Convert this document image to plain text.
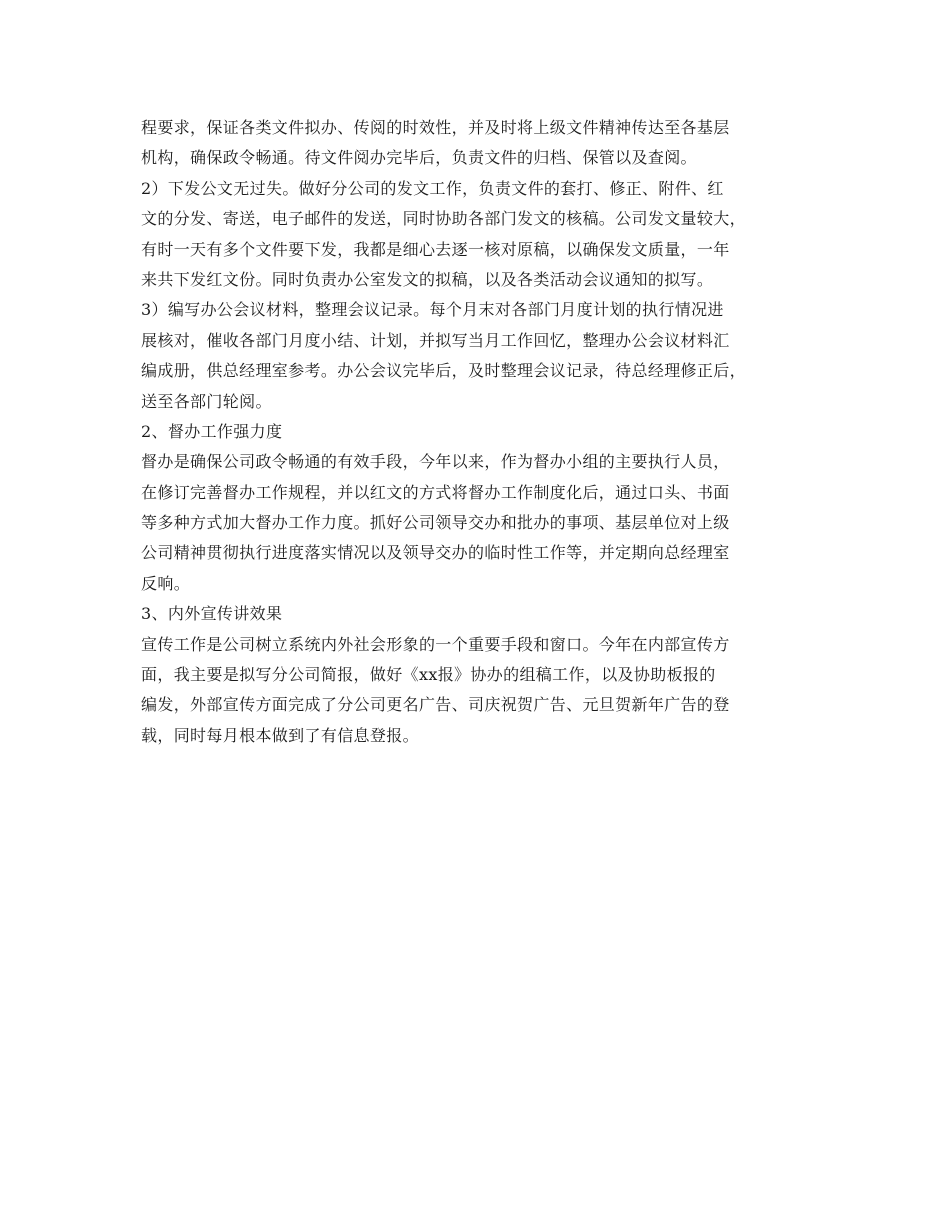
程要求，保证各类文件拟办、传阅的时效性，并及时将上级文件精神传达至各基层
机构，确保政令畅通。待文件阅办完毕后，负责文件的归档、保管以及查阅。
2）下发公文无过失。做好分公司的发文工作，负责文件的套打、修正、附件、红
文的分发、寄送，电子邮件的发送，同时协助各部门发文的核稿。公司发文量较大，
有时一天有多个文件要下发，我都是细心去逐一核对原稿，以确保发文质量，一年
来共下发红文份。同时负责办公室发文的拟稿，以及各类活动会议通知的拟写。
3）编写办公会议材料，整理会议记录。每个月末对各部门月度计划的执行情况进
展核对，催收各部门月度小结、计划，并拟写当月工作回忆，整理办公会议材料汇
编成册，供总经理室参考。办公会议完毕后，及时整理会议记录，待总经理修正后，
送至各部门轮阅。
2、督办工作强力度
督办是确保公司政令畅通的有效手段，今年以来，作为督办小组的主要执行人员，
在修订完善督办工作规程，并以红文的方式将督办工作制度化后，通过口头、书面
等多种方式加大督办工作力度。抓好公司领导交办和批办的事项、基层单位对上级
公司精神贯彻执行进度落实情况以及领导交办的临时性工作等，并定期向总经理室
反响。
3、内外宣传讲效果
宣传工作是公司树立系统内外社会形象的一个重要手段和窗口。今年在内部宣传方
面，我主要是拟写分公司简报，做好《xx报》协办的组稿工作，以及协助板报的
编发，外部宣传方面完成了分公司更名广告、司庆祝贺广告、元旦贺新年广告的登
载，同时每月根本做到了有信息登报。
